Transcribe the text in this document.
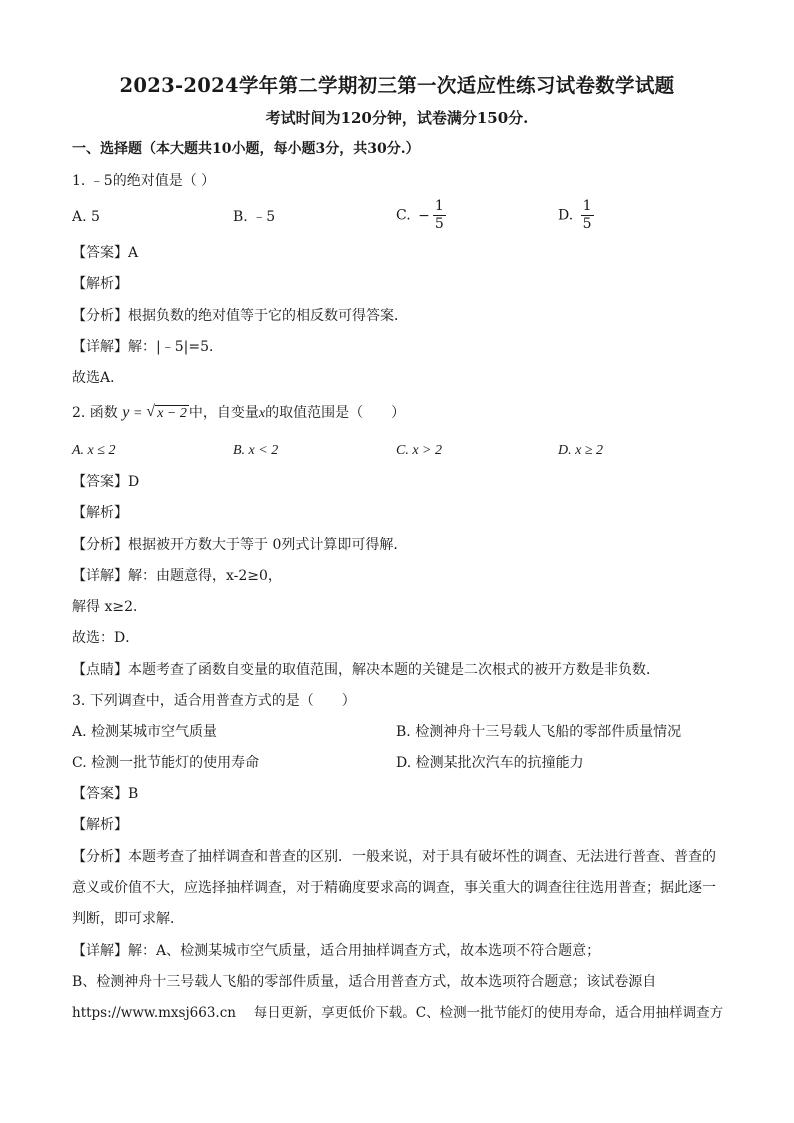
2023-2024学年第二学期初三第一次适应性练习试卷数学试题
考试时间为120分钟，试卷满分150分.
一、选择题（本大题共10小题，每小题3分，共30分.）
1. ﹣5的绝对值是（ ）
A. 5	B. ﹣5	C. − $\frac{1}{5}$	D. $\frac{1}{5}$
【答案】A
【解析】
【分析】根据负数的绝对值等于它的相反数可得答案．
【详解】解：|﹣5|=5．
故选A．
2. 函数 y = √ x − 2 中，自变量x的取值范围是（　　）
A. x ≤ 2	B. x < 2	C. x > 2	D. x ≥ 2
【答案】D
【解析】
【分析】根据被开方数大于等于 0列式计算即可得解．
【详解】解：由题意得，x-2≥0，
解得 x≥2．
故选：D．
【点睛】本题考查了函数自变量的取值范围，解决本题的关键是二次根式的被开方数是非负数．
3. 下列调查中，适合用普查方式的是（　　）
A. 检测某城市空气质量	B. 检测神舟十三号载人飞船的零部件质量情况
C. 检测一批节能灯的使用寿命	D. 检测某批次汽车的抗撞能力
【答案】B
【解析】
【分析】本题考查了抽样调查和普查的区别．一般来说，对于具有破坏性的调查、无法进行普查、普查的
意义或价值不大，应选择抽样调查，对于精确度要求高的调查，事关重大的调查往往选用普查；据此逐一
判断，即可求解．
【详解】解：A、检测某城市空气质量，适合用抽样调查方式，故本选项不符合题意；
B、检测神舟十三号载人飞船的零部件质量，适合用普查方式，故本选项符合题意；该试卷源自
https://www.mxsj663.cn　 每日更新，享更低价下载。C、检测一批节能灯的使用寿命，适合用抽样调查方
